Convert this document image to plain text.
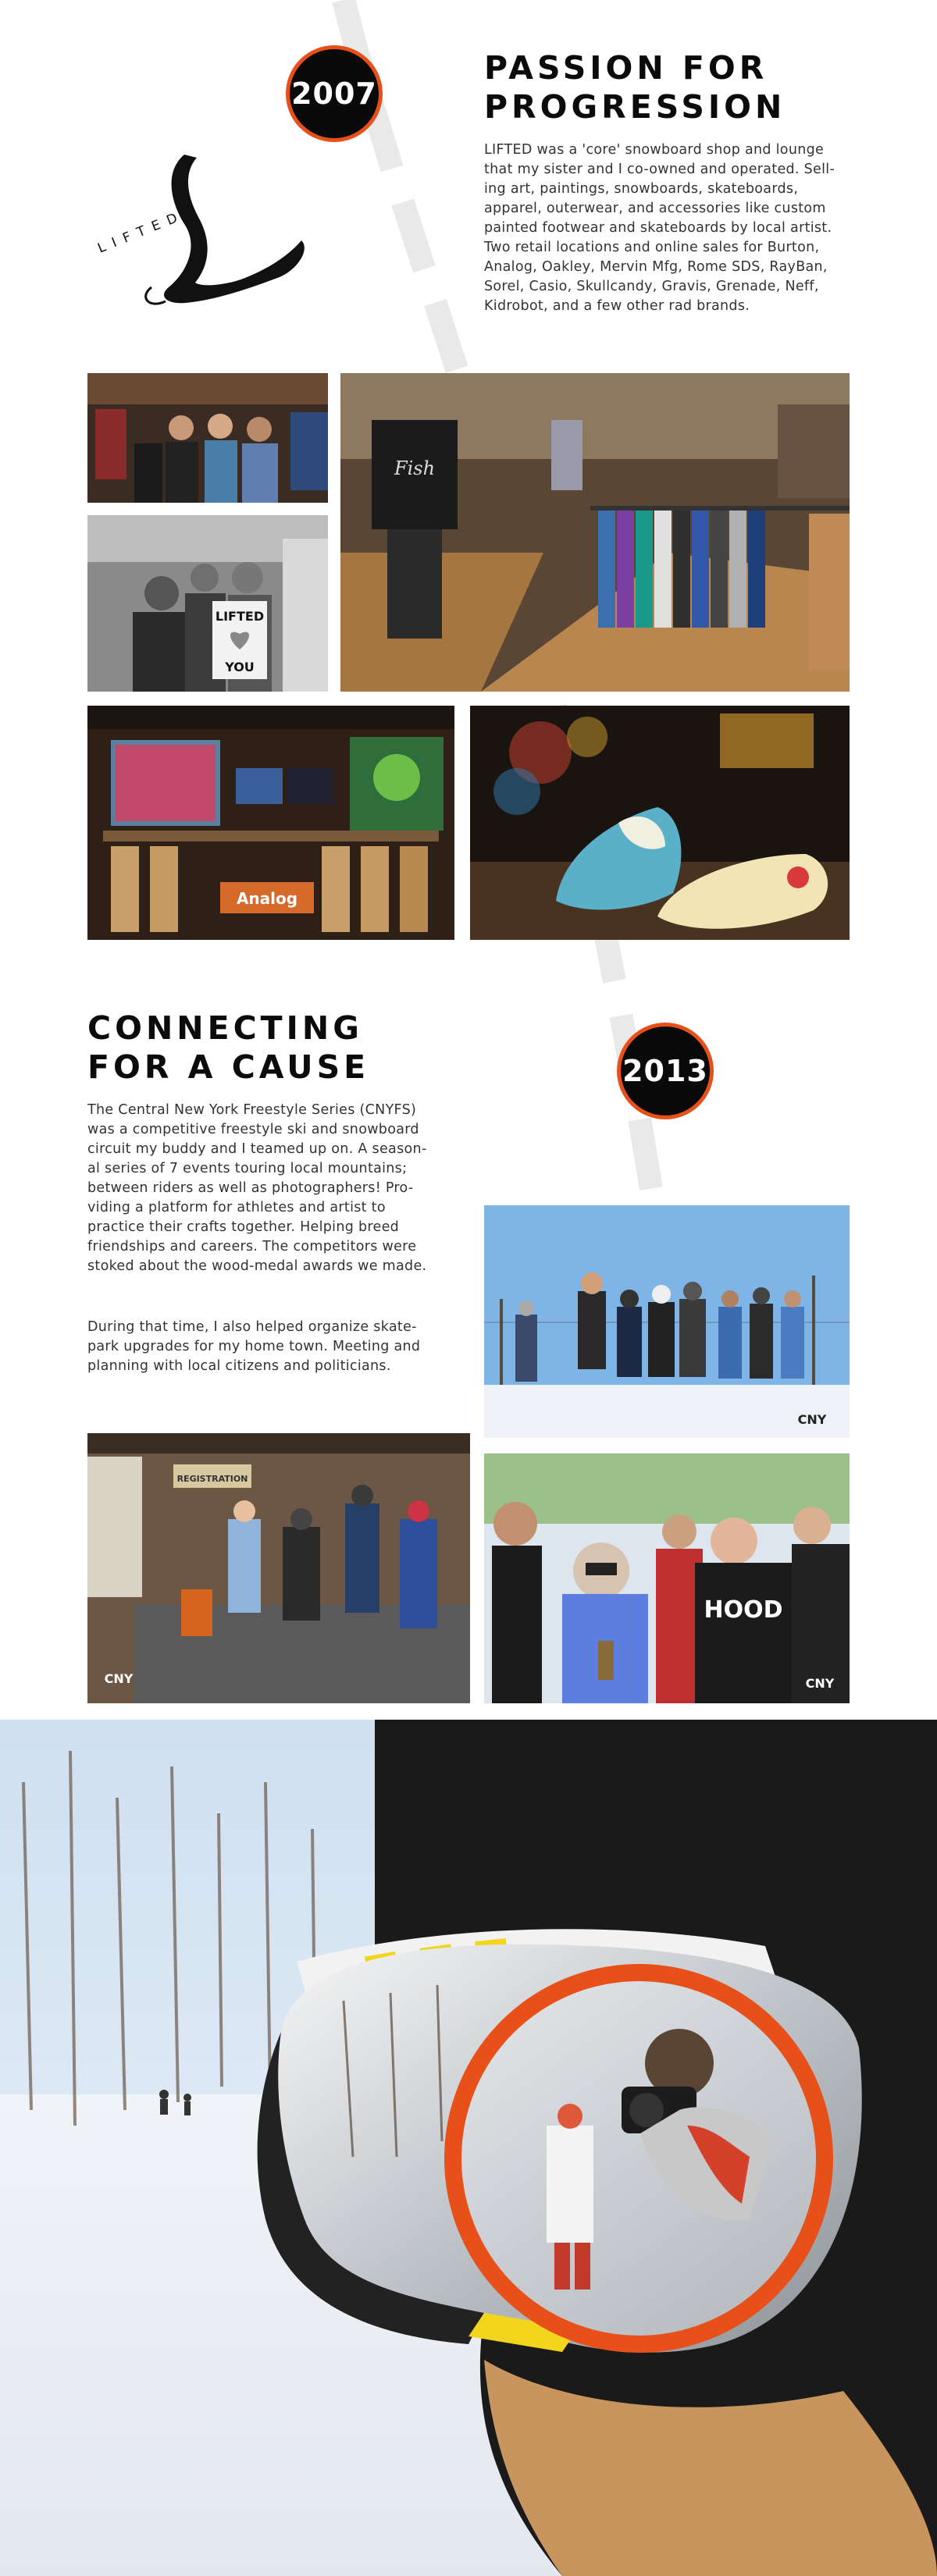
2007
PASSION FOR
PROGRESSION
LIFTED was a 'core' snowboard shop and lounge
that my sister and I co-owned and operated. Sell-
ing art, paintings, snowboards, skateboards,
apparel, outerwear, and accessories like custom
painted footwear and skateboards by local artist.
Two retail locations and online sales for Burton,
Analog, Oakley, Mervin Mfg, Rome SDS, RayBan,
Sorel, Casio, Skullcandy, Gravis, Grenade, Neff,
Kidrobot, and a few other rad brands.
LIFTED
LIFTED
YOU
Fish
Analog
CONNECTING
FOR A CAUSE	2013
The Central New York Freestyle Series (CNYFS)
was a competitive freestyle ski and snowboard
circuit my buddy and I teamed up on. A season-
al series of 7 events touring local mountains;
between riders as well as photographers! Pro-
viding a platform for athletes and artist to
practice their crafts together. Helping breed
friendships and careers. The competitors were
stoked about the wood-medal awards we made.
During that time, I also helped organize skate-
park upgrades for my home town. Meeting and
planning with local citizens and politicians.
CNY
REGISTRATION
CNY
HOOD
CNY
